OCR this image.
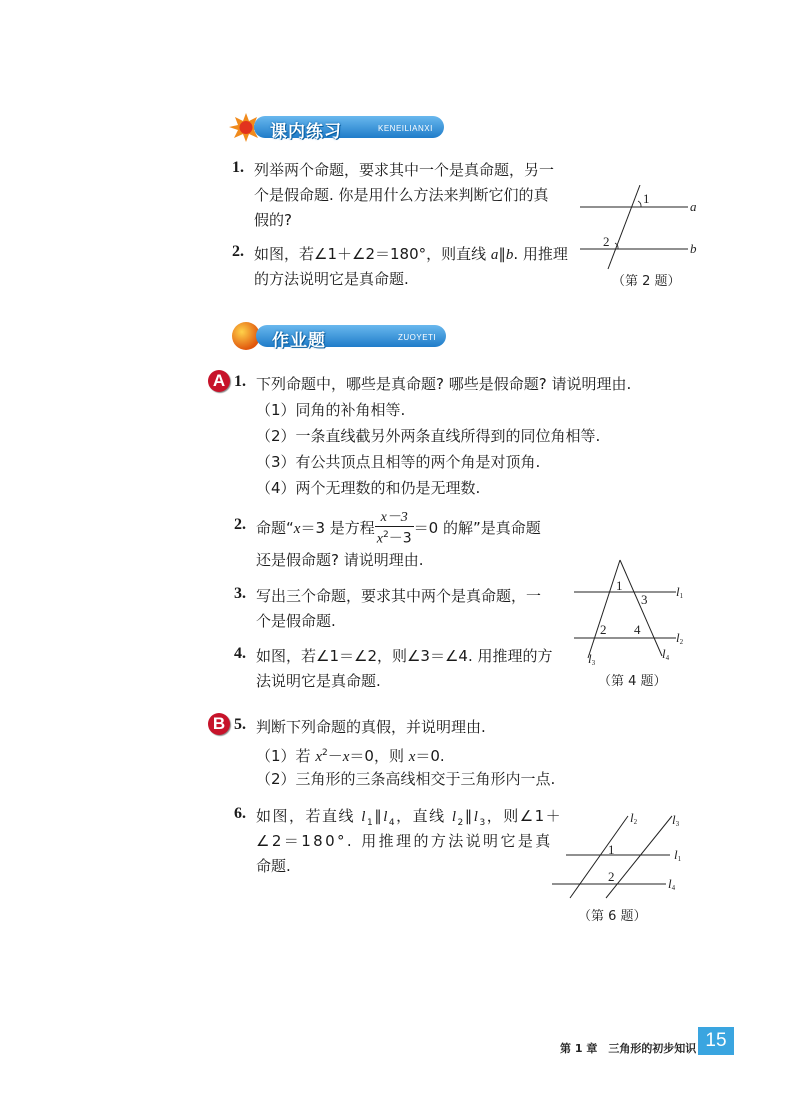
课内练习	KENEILIANXI
1. 列举两个命题，要求其中一个是真命题，另一
个是假命题. 你是用什么方法来判断它们的真
假的?
2. 如图，若∠1＋∠2＝180°，则直线 a∥b. 用推理
的方法说明它是真命题.
1
2
a
b
（第 2 题）
作业题	ZUOYETI
A 1. 下列命题中，哪些是真命题? 哪些是假命题? 请说明理由.
（1）同角的补角相等.
（2）一条直线截另外两条直线所得到的同位角相等.
（3）有公共顶点且相等的两个角是对顶角.
（4）两个无理数的和仍是无理数.
2. 命题“x＝3 是方程 $\frac{x-3}{x^2-3} =0$ 的解”是真命题
还是假命题? 请说明理由.
3. 写出三个命题，要求其中两个是真命题，一
个是假命题.
4. 如图，若∠1＝∠2，则∠3＝∠4. 用推理的方
法说明它是真命题.
1
2
3
4
l1
l2
l3
l4
（第 4 题）
B 5. 判断下列命题的真假，并说明理由.
（1）若 $x^2-x=0$，则 x＝0.
（2）三角形的三条高线相交于三角形内一点.
6. 如图，若直线 $l_1\parallel l_4$，直线 $l_2\parallel l_3$，则∠1＋
∠2＝180°. 用推理的方法说明它是真
命题.
1
2
l2	l3
l1
l4
（第 6 题）
第 1 章　三角形的初步知识 15
